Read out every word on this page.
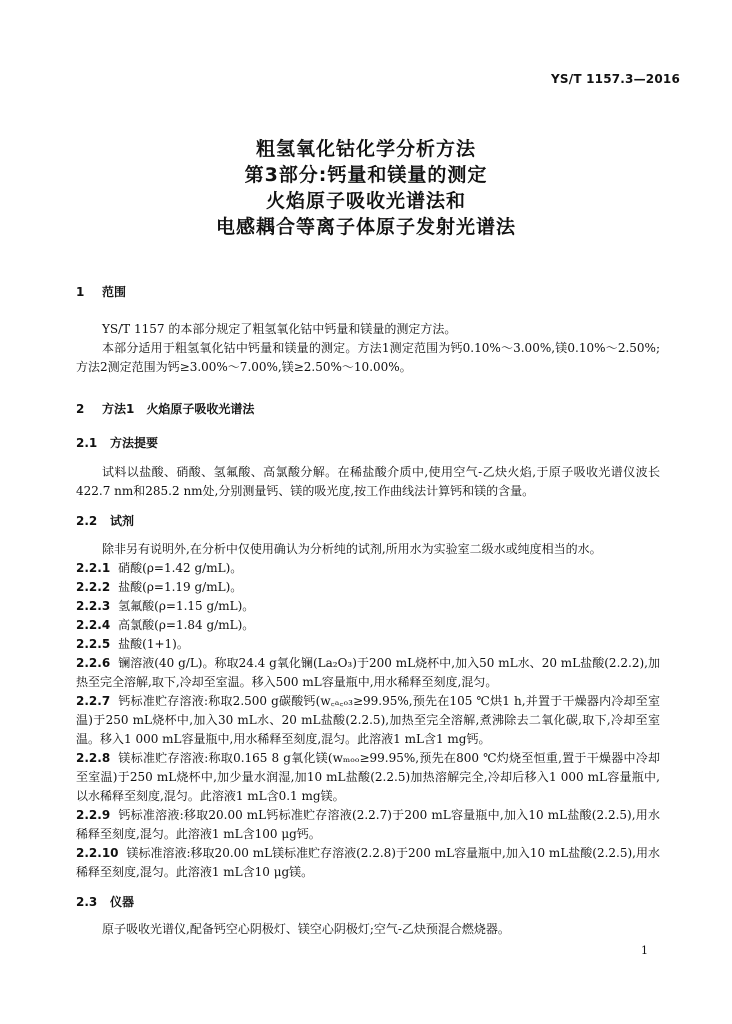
YS/T 1157.3—2016
粗氢氧化钴化学分析方法
第3部分:钙量和镁量的测定
火焰原子吸收光谱法和
电感耦合等离子体原子发射光谱法
1 范围
YS/T 1157 的本部分规定了粗氢氧化钴中钙量和镁量的测定方法。
本部分适用于粗氢氧化钴中钙量和镁量的测定。方法1测定范围为钙0.10%～3.00%,镁0.10%～2.50%;方法2测定范围为钙≥3.00%～7.00%,镁≥2.50%～10.00%。
2 方法1　火焰原子吸收光谱法
2.1 方法提要
试料以盐酸、硝酸、氢氟酸、高氯酸分解。在稀盐酸介质中,使用空气-乙炔火焰,于原子吸收光谱仪波长422.7 nm和285.2 nm处,分别测量钙、镁的吸光度,按工作曲线法计算钙和镁的含量。
2.2 试剂
除非另有说明外,在分析中仅使用确认为分析纯的试剂,所用水为实验室二级水或纯度相当的水。
2.2.1 硝酸(ρ=1.42 g/mL)。
2.2.2 盐酸(ρ=1.19 g/mL)。
2.2.3 氢氟酸(ρ=1.15 g/mL)。
2.2.4 高氯酸(ρ=1.84 g/mL)。
2.2.5 盐酸(1+1)。
2.2.6 镧溶液(40 g/L)。称取24.4 g氧化镧(La₂O₃)于200 mL烧杯中,加入50 mL水、20 mL盐酸(2.2.2),加热至完全溶解,取下,冷却至室温。移入500 mL容量瓶中,用水稀释至刻度,混匀。
2.2.7 钙标准贮存溶液:称取2.500 g碳酸钙(w꜀ₐ꜀ₒ₃≥99.95%,预先在105 ℃烘1 h,并置于干燥器内冷却至室温)于250 mL烧杯中,加入30 mL水、20 mL盐酸(2.2.5),加热至完全溶解,煮沸除去二氧化碳,取下,冷却至室温。移入1 000 mL容量瓶中,用水稀释至刻度,混匀。此溶液1 mL含1 mg钙。
2.2.8 镁标准贮存溶液:称取0.165 8 g氧化镁(wₘₒₒ≥99.95%,预先在800 ℃灼烧至恒重,置于干燥器中冷却至室温)于250 mL烧杯中,加少量水润湿,加10 mL盐酸(2.2.5)加热溶解完全,冷却后移入1 000 mL容量瓶中,以水稀释至刻度,混匀。此溶液1 mL含0.1 mg镁。
2.2.9 钙标准溶液:移取20.00 mL钙标准贮存溶液(2.2.7)于200 mL容量瓶中,加入10 mL盐酸(2.2.5),用水稀释至刻度,混匀。此溶液1 mL含100 μg钙。
2.2.10 镁标准溶液:移取20.00 mL镁标准贮存溶液(2.2.8)于200 mL容量瓶中,加入10 mL盐酸(2.2.5),用水稀释至刻度,混匀。此溶液1 mL含10 μg镁。
2.3 仪器
原子吸收光谱仪,配备钙空心阴极灯、镁空心阴极灯;空气-乙炔预混合燃烧器。
1
